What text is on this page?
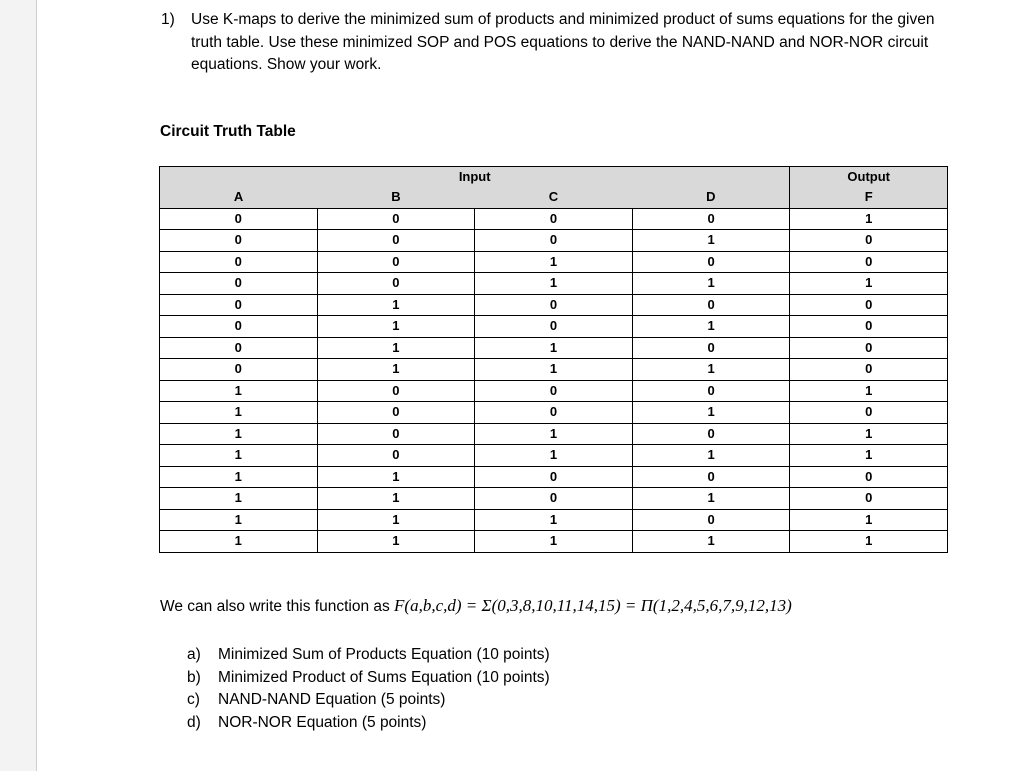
1) Use K-maps to derive the minimized sum of products and minimized product of sums equations for the given truth table. Use these minimized SOP and POS equations to derive the NAND-NAND and NOR-NOR circuit equations. Show your work.
Circuit Truth Table
Input				Output
A	B	C	D	F
0	0	0	0	1
0	0	0	1	0
0	0	1	0	0
0	0	1	1	1
0	1	0	0	0
0	1	0	1	0
0	1	1	0	0
0	1	1	1	0
1	0	0	0	1
1	0	0	1	0
1	0	1	0	1
1	0	1	1	1
1	1	0	0	0
1	1	0	1	0
1	1	1	0	1
1	1	1	1	1
We can also write this function as F(a,b,c,d) = Σ(0,3,8,10,11,14,15) = Π(1,2,4,5,6,7,9,12,13)
a) Minimized Sum of Products Equation (10 points)
b) Minimized Product of Sums Equation (10 points)
c) NAND-NAND Equation (5 points)
d) NOR-NOR Equation (5 points)
